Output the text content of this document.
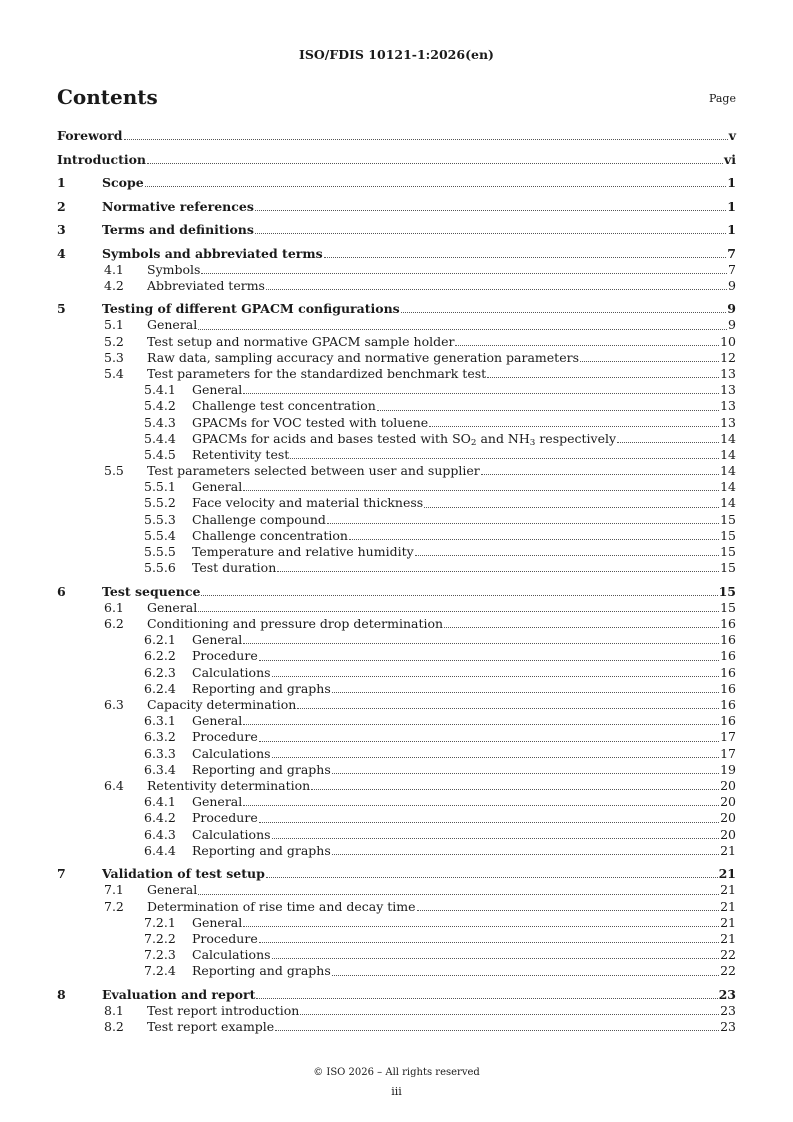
ISO/FDIS 10121-1:2026(en)
Contents	Page
Foreword	v
Introduction	vi
1	Scope	1
2	Normative references	1
3	Terms and definitions	1
4	Symbols and abbreviated terms	7
4.1	Symbols	7
4.2	Abbreviated terms	9
5	Testing of different GPACM configurations	9
5.1	General	9
5.2	Test setup and normative GPACM sample holder	10
5.3	Raw data, sampling accuracy and normative generation parameters	12
5.4	Test parameters for the standardized benchmark test	13
5.4.1	General	13
5.4.2	Challenge test concentration	13
5.4.3	GPACMs for VOC tested with toluene	13
5.4.4	GPACMs for acids and bases tested with $SO_2$ and $NH_3$ respectively	14
5.4.5	Retentivity test	14
5.5	Test parameters selected between user and supplier	14
5.5.1	General	14
5.5.2	Face velocity and material thickness	14
5.5.3	Challenge compound	15
5.5.4	Challenge concentration	15
5.5.5	Temperature and relative humidity	15
5.5.6	Test duration	15
6	Test sequence	15
6.1	General	15
6.2	Conditioning and pressure drop determination	16
6.2.1	General	16
6.2.2	Procedure	16
6.2.3	Calculations	16
6.2.4	Reporting and graphs	16
6.3	Capacity determination	16
6.3.1	General	16
6.3.2	Procedure	17
6.3.3	Calculations	17
6.3.4	Reporting and graphs	19
6.4	Retentivity determination	20
6.4.1	General	20
6.4.2	Procedure	20
6.4.3	Calculations	20
6.4.4	Reporting and graphs	21
7	Validation of test setup	21
7.1	General	21
7.2	Determination of rise time and decay time	21
7.2.1	General	21
7.2.2	Procedure	21
7.2.3	Calculations	22
7.2.4	Reporting and graphs	22
8	Evaluation and report	23
8.1	Test report introduction	23
8.2	Test report example	23
© ISO 2026 – All rights reserved
iii
